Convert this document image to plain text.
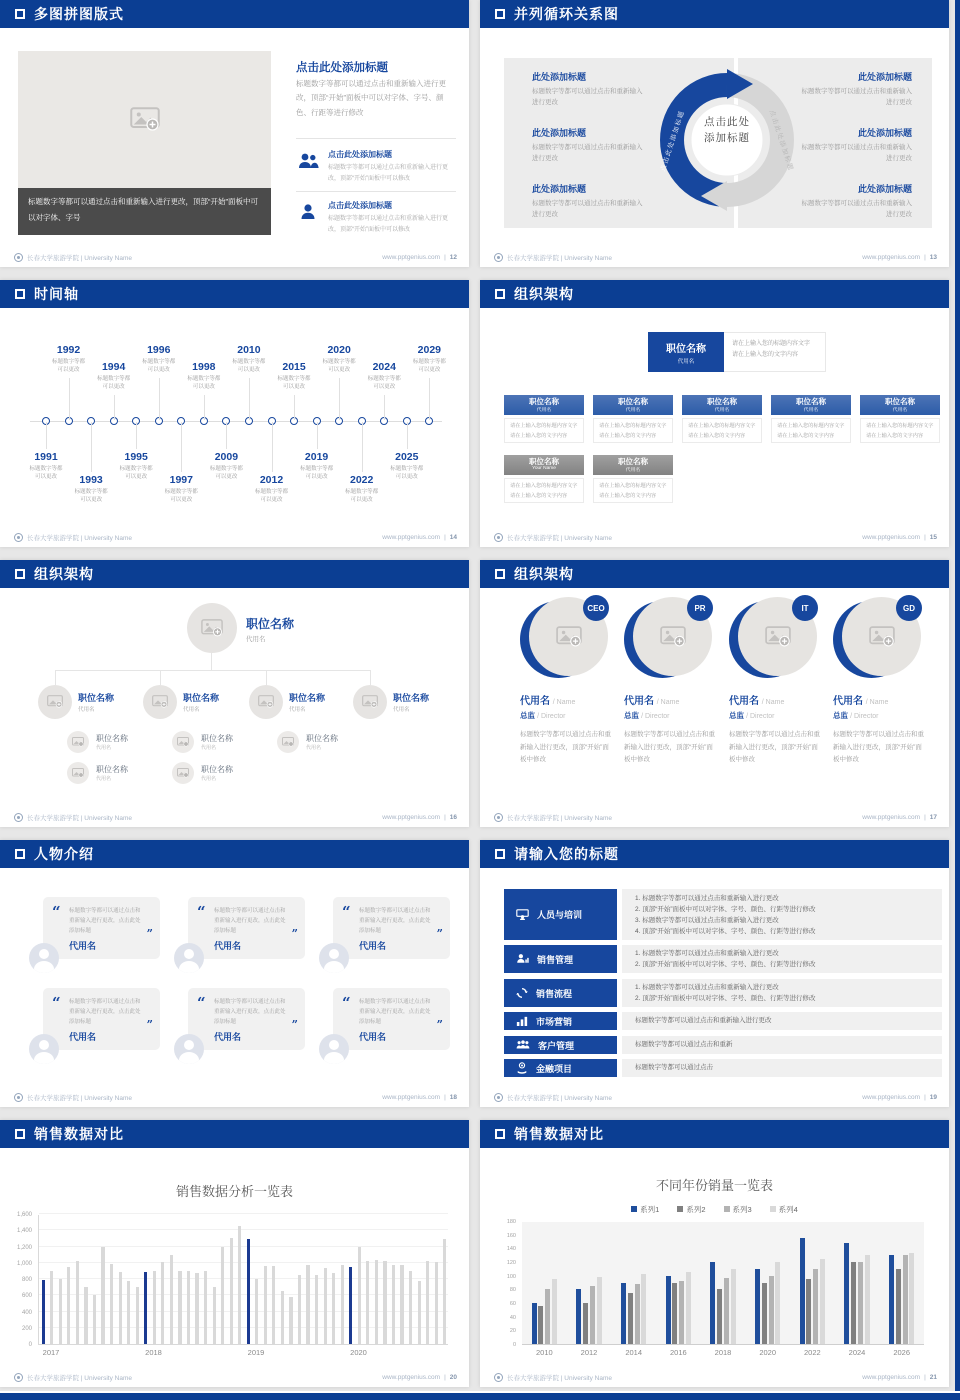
多图拼图版式
标题数字等都可以通过点击和重新输入进行更改，顶部“开始”面板中可以对字体、字号
点击此处添加标题
标题数字等都可以通过点击和重新输入进行更改，顶部“开始”面板中可以对字体、字号、颜色、行距等进行修改
点击此处添加标题
标题数字等都可以通过点击和重新输入进行更改，顶部“开始”面板中可以修改
点击此处添加标题
标题数字等都可以通过点击和重新输入进行更改，顶部“开始”面板中可以修改
长春大学旅游学院 | University Name	www.pptgenius.com | 12
并列循环关系图
此处添加标题
标题数字等都可以通过点击和重新输入进行更改
此处添加标题
标题数字等都可以通过点击和重新输入进行更改
此处添加标题
标题数字等都可以通过点击和重新输入进行更改
此处添加标题
标题数字等都可以通过点击和重新输入进行更改
此处添加标题
标题数字等都可以通过点击和重新输入进行更改
此处添加标题
标题数字等都可以通过点击和重新输入进行更改
点击此处添加标题	点击此处添加标题
点击此处
添加标题
长春大学旅游学院 | University Name	www.pptgenius.com | 13
时间轴
1992
标题数字等都
可以更改	1994
标题数字等都
可以更改
1996
标题数字等都
可以更改	1998
标题数字等都
可以更改
2010
标题数字等都
可以更改	2015
标题数字等都
可以更改
2020
标题数字等都
可以更改	2024
标题数字等都
可以更改
2029
标题数字等都
可以更改
1991
标题数字等都
可以更改	1993
标题数字等都
可以更改
1995
标题数字等都
可以更改	1997
标题数字等都
可以更改
2009
标题数字等都
可以更改	2012
标题数字等都
可以更改
2019
标题数字等都
可以更改	2022
标题数字等都
可以更改
2025
标题数字等都
可以更改
长春大学旅游学院 | University Name	www.pptgenius.com | 14
组织架构
职位名称
代用名
请在上输入您的标题内容文字
请在上输入您的文字内容
职位名称
代用名
请在上输入您的标题内容文字
请在上输入您的文字内容
职位名称
代用名
请在上输入您的标题内容文字
请在上输入您的文字内容
职位名称
代用名
请在上输入您的标题内容文字
请在上输入您的文字内容
职位名称
代用名
请在上输入您的标题内容文字
请在上输入您的文字内容
职位名称
代用名
请在上输入您的标题内容文字
请在上输入您的文字内容
职位名称
Your Name
请在上输入您的标题内容文字
请在上输入您的文字内容
职位名称
代用名
请在上输入您的标题内容文字
请在上输入您的文字内容
长春大学旅游学院 | University Name	www.pptgenius.com | 15
组织架构
职位名称
代用名
职位名称
代用名
职位名称
代用名
职位名称
代用名
职位名称
代用名
职位名称
代用名
职位名称
代用名
职位名称
代用名
职位名称
代用名
职位名称
代用名
长春大学旅游学院 | University Name	www.pptgenius.com | 16
组织架构
CEO
代用名 / Name
总监 / Director
标题数字等都可以通过点击和重新输入进行更改，顶部“开始”面板中修改
PR
代用名 / Name
总监 / Director
标题数字等都可以通过点击和重新输入进行更改，顶部“开始”面板中修改
IT
代用名 / Name
总监 / Director
标题数字等都可以通过点击和重新输入进行更改，顶部“开始”面板中修改
GD
代用名 / Name
总监 / Director
标题数字等都可以通过点击和重新输入进行更改，顶部“开始”面板中修改
长春大学旅游学院 | University Name	www.pptgenius.com | 17
人物介绍
“ 标题数字等都可以通过点击和重新输入进行更改，点击此处添加标题	”
代用名
“ 标题数字等都可以通过点击和重新输入进行更改，点击此处添加标题	”
代用名
“ 标题数字等都可以通过点击和重新输入进行更改，点击此处添加标题	”
代用名
“ 标题数字等都可以通过点击和重新输入进行更改，点击此处添加标题	”
代用名
“ 标题数字等都可以通过点击和重新输入进行更改，点击此处添加标题	”
代用名
“ 标题数字等都可以通过点击和重新输入进行更改，点击此处添加标题	”
代用名
长春大学旅游学院 | University Name	www.pptgenius.com | 18
请输入您的标题
人员与培训
1. 标题数字等都可以通过点击和重新输入进行更改
2. 顶部“开始”面板中可以对字体、字号、颜色、行距等进行修改
3. 标题数字等都可以通过点击和重新输入进行更改
4. 顶部“开始”面板中可以对字体、字号、颜色、行距等进行修改
销售管理
1. 标题数字等都可以通过点击和重新输入进行更改
2. 顶部“开始”面板中可以对字体、字号、颜色、行距等进行修改
销售流程
1. 标题数字等都可以通过点击和重新输入进行更改
2. 顶部“开始”面板中可以对字体、字号、颜色、行距等进行修改
市场营销	标题数字等都可以通过点击和重新输入进行更改
客户管理	标题数字等都可以通过点击和重新
金融项目	标题数字等都可以通过点击
长春大学旅游学院 | University Name	www.pptgenius.com | 19
销售数据对比
销售数据分析一览表
0
200
400
600
800
1,000
1,200
1,400
1,600
2017	2018	2019	2020
长春大学旅游学院 | University Name	www.pptgenius.com | 20
销售数据对比
不同年份销量一览表
系列1	系列2	系列3	系列4
0
20
40
60
80
100
120
140
160
180
2010	2012	2014	2016	2018	2020	2022	2024	2026
长春大学旅游学院 | University Name	www.pptgenius.com | 21
